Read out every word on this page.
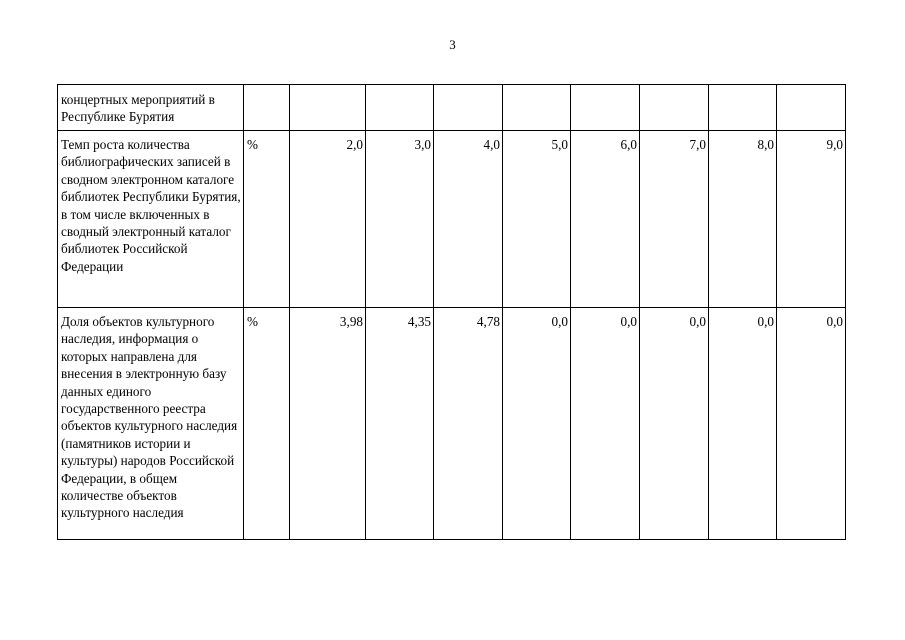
3
концертных мероприятий в Республике Бурятия									
Темп роста количества библиографических записей в сводном электронном каталоге библиотек Республики Бурятия, в том числе включенных в сводный электронный каталог библиотек Российской Федерации	%	2,0	3,0	4,0	5,0	6,0	7,0	8,0	9,0
Доля объектов культурного наследия, информация о которых направлена для внесения в электронную базу данных единого государственного реестра объектов культурного наследия (памятников истории и культуры) народов Российской Федерации, в общем количестве объектов культурного наследия	%	3,98	4,35	4,78	0,0	0,0	0,0	0,0	0,0
